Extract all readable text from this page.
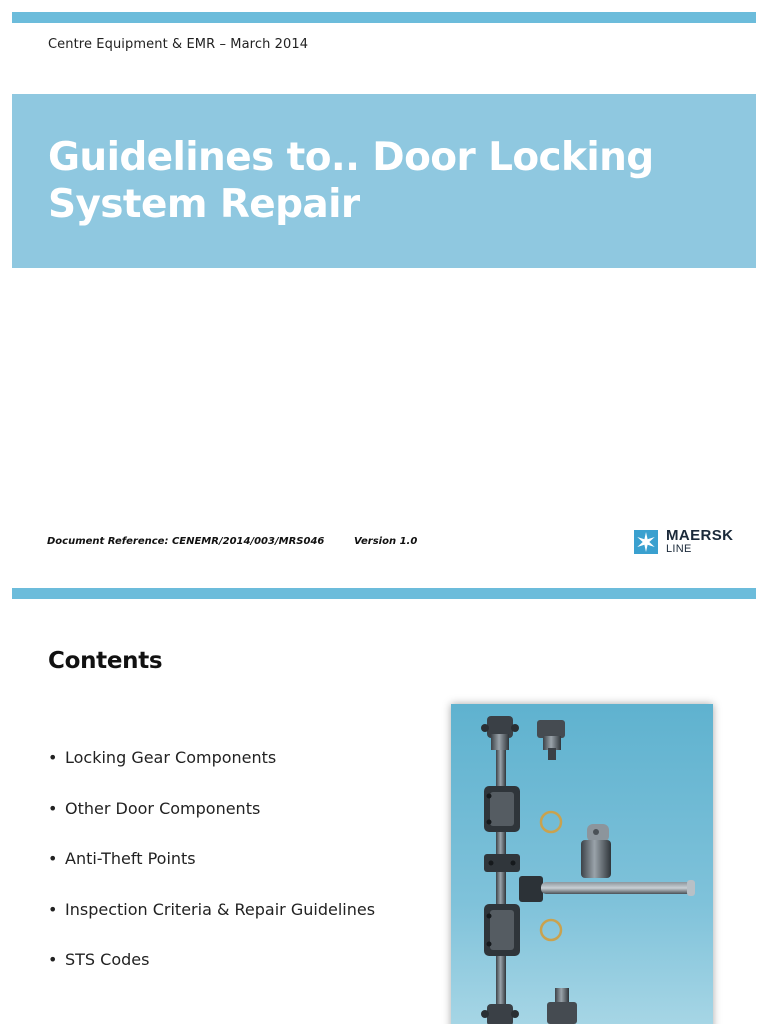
Centre Equipment & EMR – March 2014
Guidelines to.. Door Locking
System Repair
Document Reference: CENEMR/2014/003/MRS046	Version 1.0	MAERSK
LINE
Contents
• Locking Gear Components
• Other Door Components
• Anti-Theft Points
• Inspection Criteria & Repair Guidelines
• STS Codes
